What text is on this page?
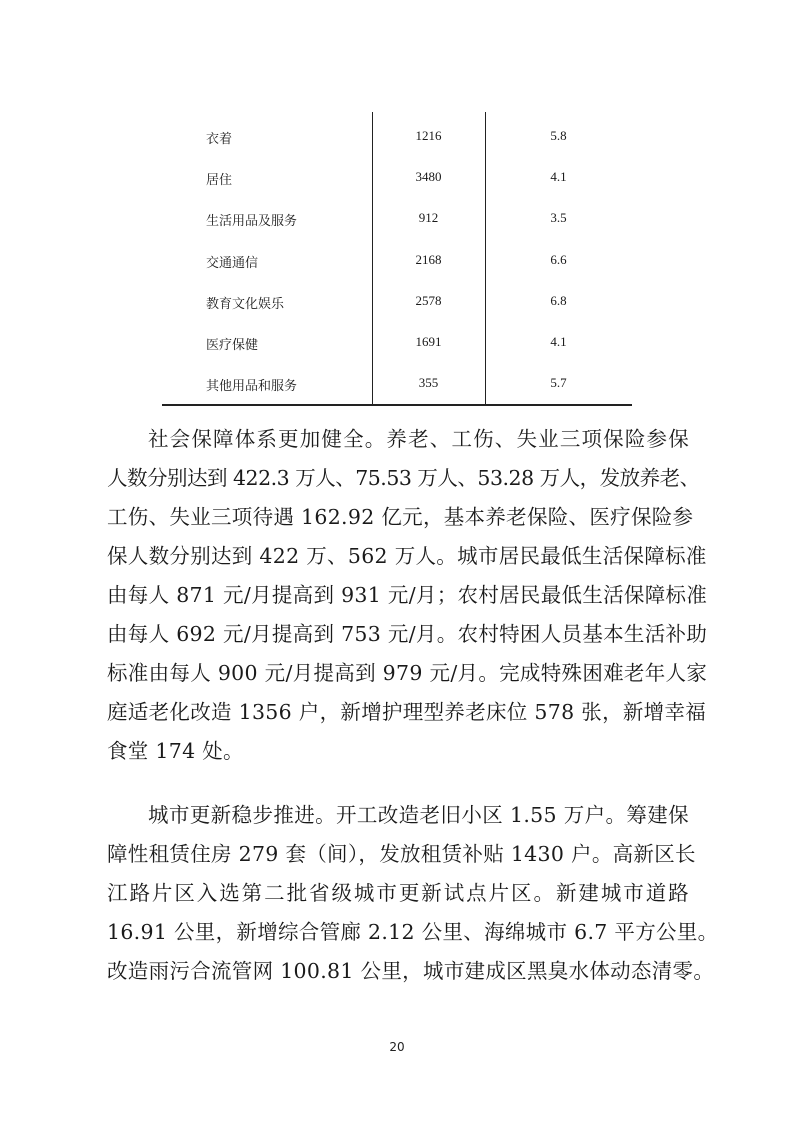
衣着	1216	5.8
居住	3480	4.1
生活用品及服务	912	3.5
交通通信	2168	6.6
教育文化娱乐	2578	6.8
医疗保健	1691	4.1
其他用品和服务	355	5.7
社会保障体系更加健全。养老、工伤、失业三项保险参保
人数分别达到 422.3 万人、75.53 万人、53.28 万人，发放养老、
工伤、失业三项待遇 162.92 亿元，基本养老保险、医疗保险参
保人数分别达到 422 万、562 万人。城市居民最低生活保障标准
由每人 871 元/月提高到 931 元/月；农村居民最低生活保障标准
由每人 692 元/月提高到 753 元/月。农村特困人员基本生活补助
标准由每人 900 元/月提高到 979 元/月。完成特殊困难老年人家
庭适老化改造 1356 户，新增护理型养老床位 578 张，新增幸福
食堂 174 处。
城市更新稳步推进。开工改造老旧小区 1.55 万户。筹建保
障性租赁住房 279 套（间），发放租赁补贴 1430 户。高新区长
江路片区入选第二批省级城市更新试点片区。新建城市道路
16.91 公里，新增综合管廊 2.12 公里、海绵城市 6.7 平方公里。
改造雨污合流管网 100.81 公里，城市建成区黑臭水体动态清零。
20
